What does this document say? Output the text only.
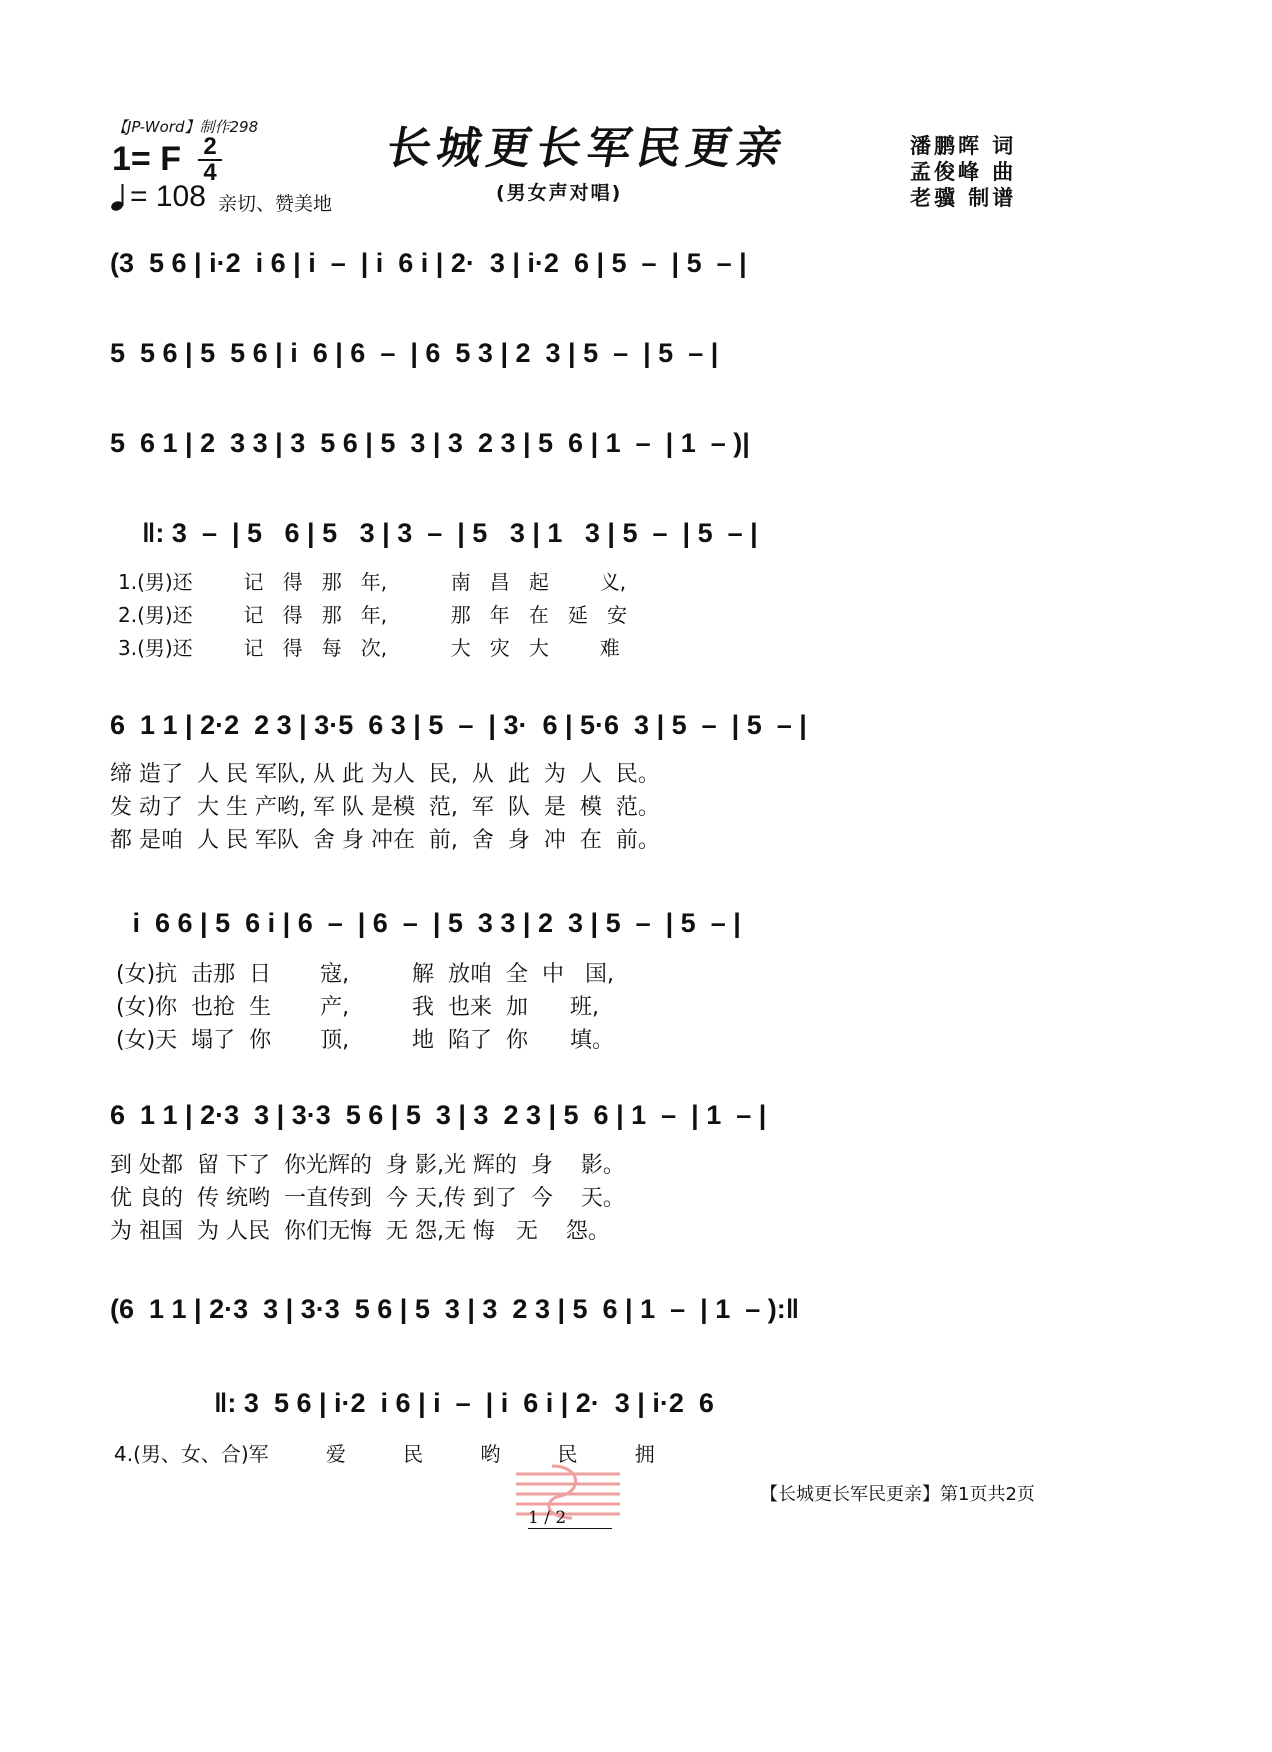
【JP-Word】制作298
1= F 2
4
= 108 亲切、赞美地
长城更长军民更亲
(男女声对唱)
潘鹏晖 词
孟俊峰 曲
老骥 制谱
(3  5 6 | i·2  i 6 | i  –  | i  6 i | 2·  3 | i·2  6 | 5  –  | 5  – |
5  5 6 | 5  5 6 | i  6 | 6  –  | 6  5 3 | 2  3 | 5  –  | 5  – |
5  6 1 | 2  3 3 | 3  5 6 | 5  3 | 3  2 3 | 5  6 | 1  –  | 1  – )|
‖: 3  –  | 5   6 | 5   3 | 3  –  | 5   3 | 1   3 | 5  –  | 5  – |
1.(男)还        记   得   那   年,          南   昌   起        义,
2.(男)还        记   得   那   年,          那   年   在   延   安
3.(男)还        记   得   每   次,          大   灾   大        难
6  1 1 | 2·2  2 3 | 3·5  6 3 | 5  –  | 3·  6 | 5·6  3 | 5  –  | 5  – |
缔 造了  人 民 军队, 从 此 为人  民,  从  此  为  人  民。
发 动了  大 生 产哟, 军 队 是模  范,  军  队  是  模  范。
都 是咱  人 民 军队  舍 身 冲在  前,  舍  身  冲  在  前。
i  6 6 | 5  6 i | 6  –  | 6  –  | 5  3 3 | 2  3 | 5  –  | 5  – |
(女)抗  击那  日       寇,         解  放咱  全  中   国,
(女)你  也抢  生       产,         我  也来  加      班,
(女)天  塌了  你       顶,         地  陷了  你      填。
6  1 1 | 2·3  3 | 3·3  5 6 | 5  3 | 3  2 3 | 5  6 | 1  –  | 1  – |
到 处都  留 下了  你光辉的  身 影,光 辉的  身    影。
优 良的  传 统哟  一直传到  今 天,传 到了  今    天。
为 祖国  为 人民  你们无悔  无 怨,无 悔   无    怨。
(6  1 1 | 2·3  3 | 3·3  5 6 | 5  3 | 3  2 3 | 5  6 | 1  –  | 1  – ):‖
‖: 3  5 6 | i·2  i 6 | i  –  | i  6 i | 2·  3 | i·2  6
4.(男、女、合)军         爱         民         哟         民         拥
【长城更长军民更亲】第1页共2页
1 / 2
